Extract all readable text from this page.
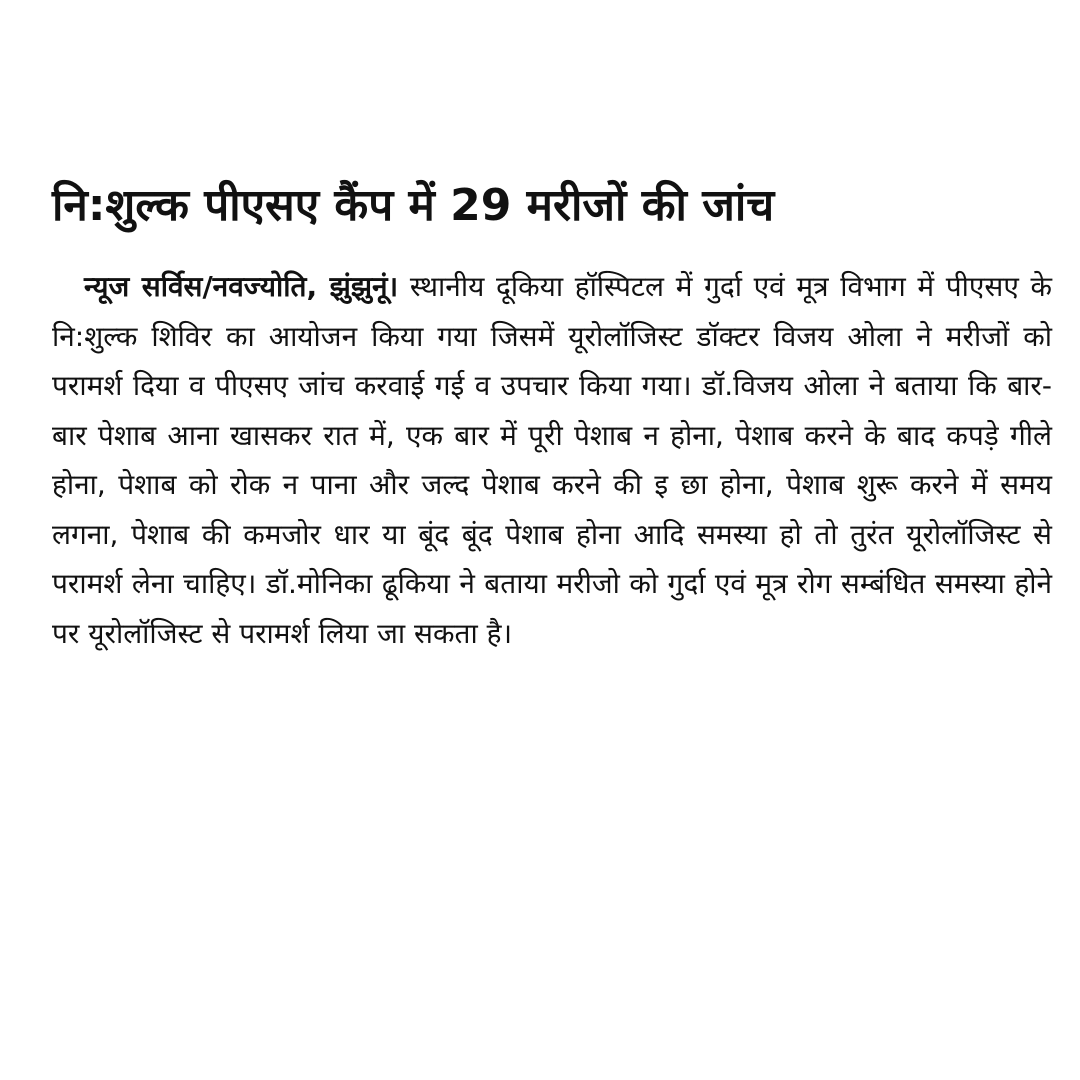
नि:शुल्क पीएसए कैंप में 29 मरीजों की जांच

न्यूज सर्विस/नवज्योति, झुंझुनूं। स्थानीय दूकिया हॉस्पिटल में गुर्दा एवं मूत्र विभाग में पीएसए के नि:शुल्क शिविर का आयोजन किया गया जिसमें यूरोलॉजिस्ट डॉक्टर विजय ओला ने मरीजों को परामर्श दिया व पीएसए जांच करवाई गई व उपचार किया गया। डॉ.विजय ओला ने बताया कि बार-बार पेशाब आना खासकर रात में, एक बार में पूरी पेशाब न होना, पेशाब करने के बाद कपड़े गीले होना, पेशाब को रोक न पाना और जल्द पेशाब करने की इ छा होना, पेशाब शुरू करने में समय लगना, पेशाब की कमजोर धार या बूंद बूंद पेशाब होना आदि समस्या हो तो तुरंत यूरोलॉजिस्ट से परामर्श लेना चाहिए। डॉ.मोनिका ढूकिया ने बताया मरीजो को गुर्दा एवं मूत्र रोग सम्बंधित समस्या होने पर यूरोलॉजिस्ट से परामर्श लिया जा सकता है।
